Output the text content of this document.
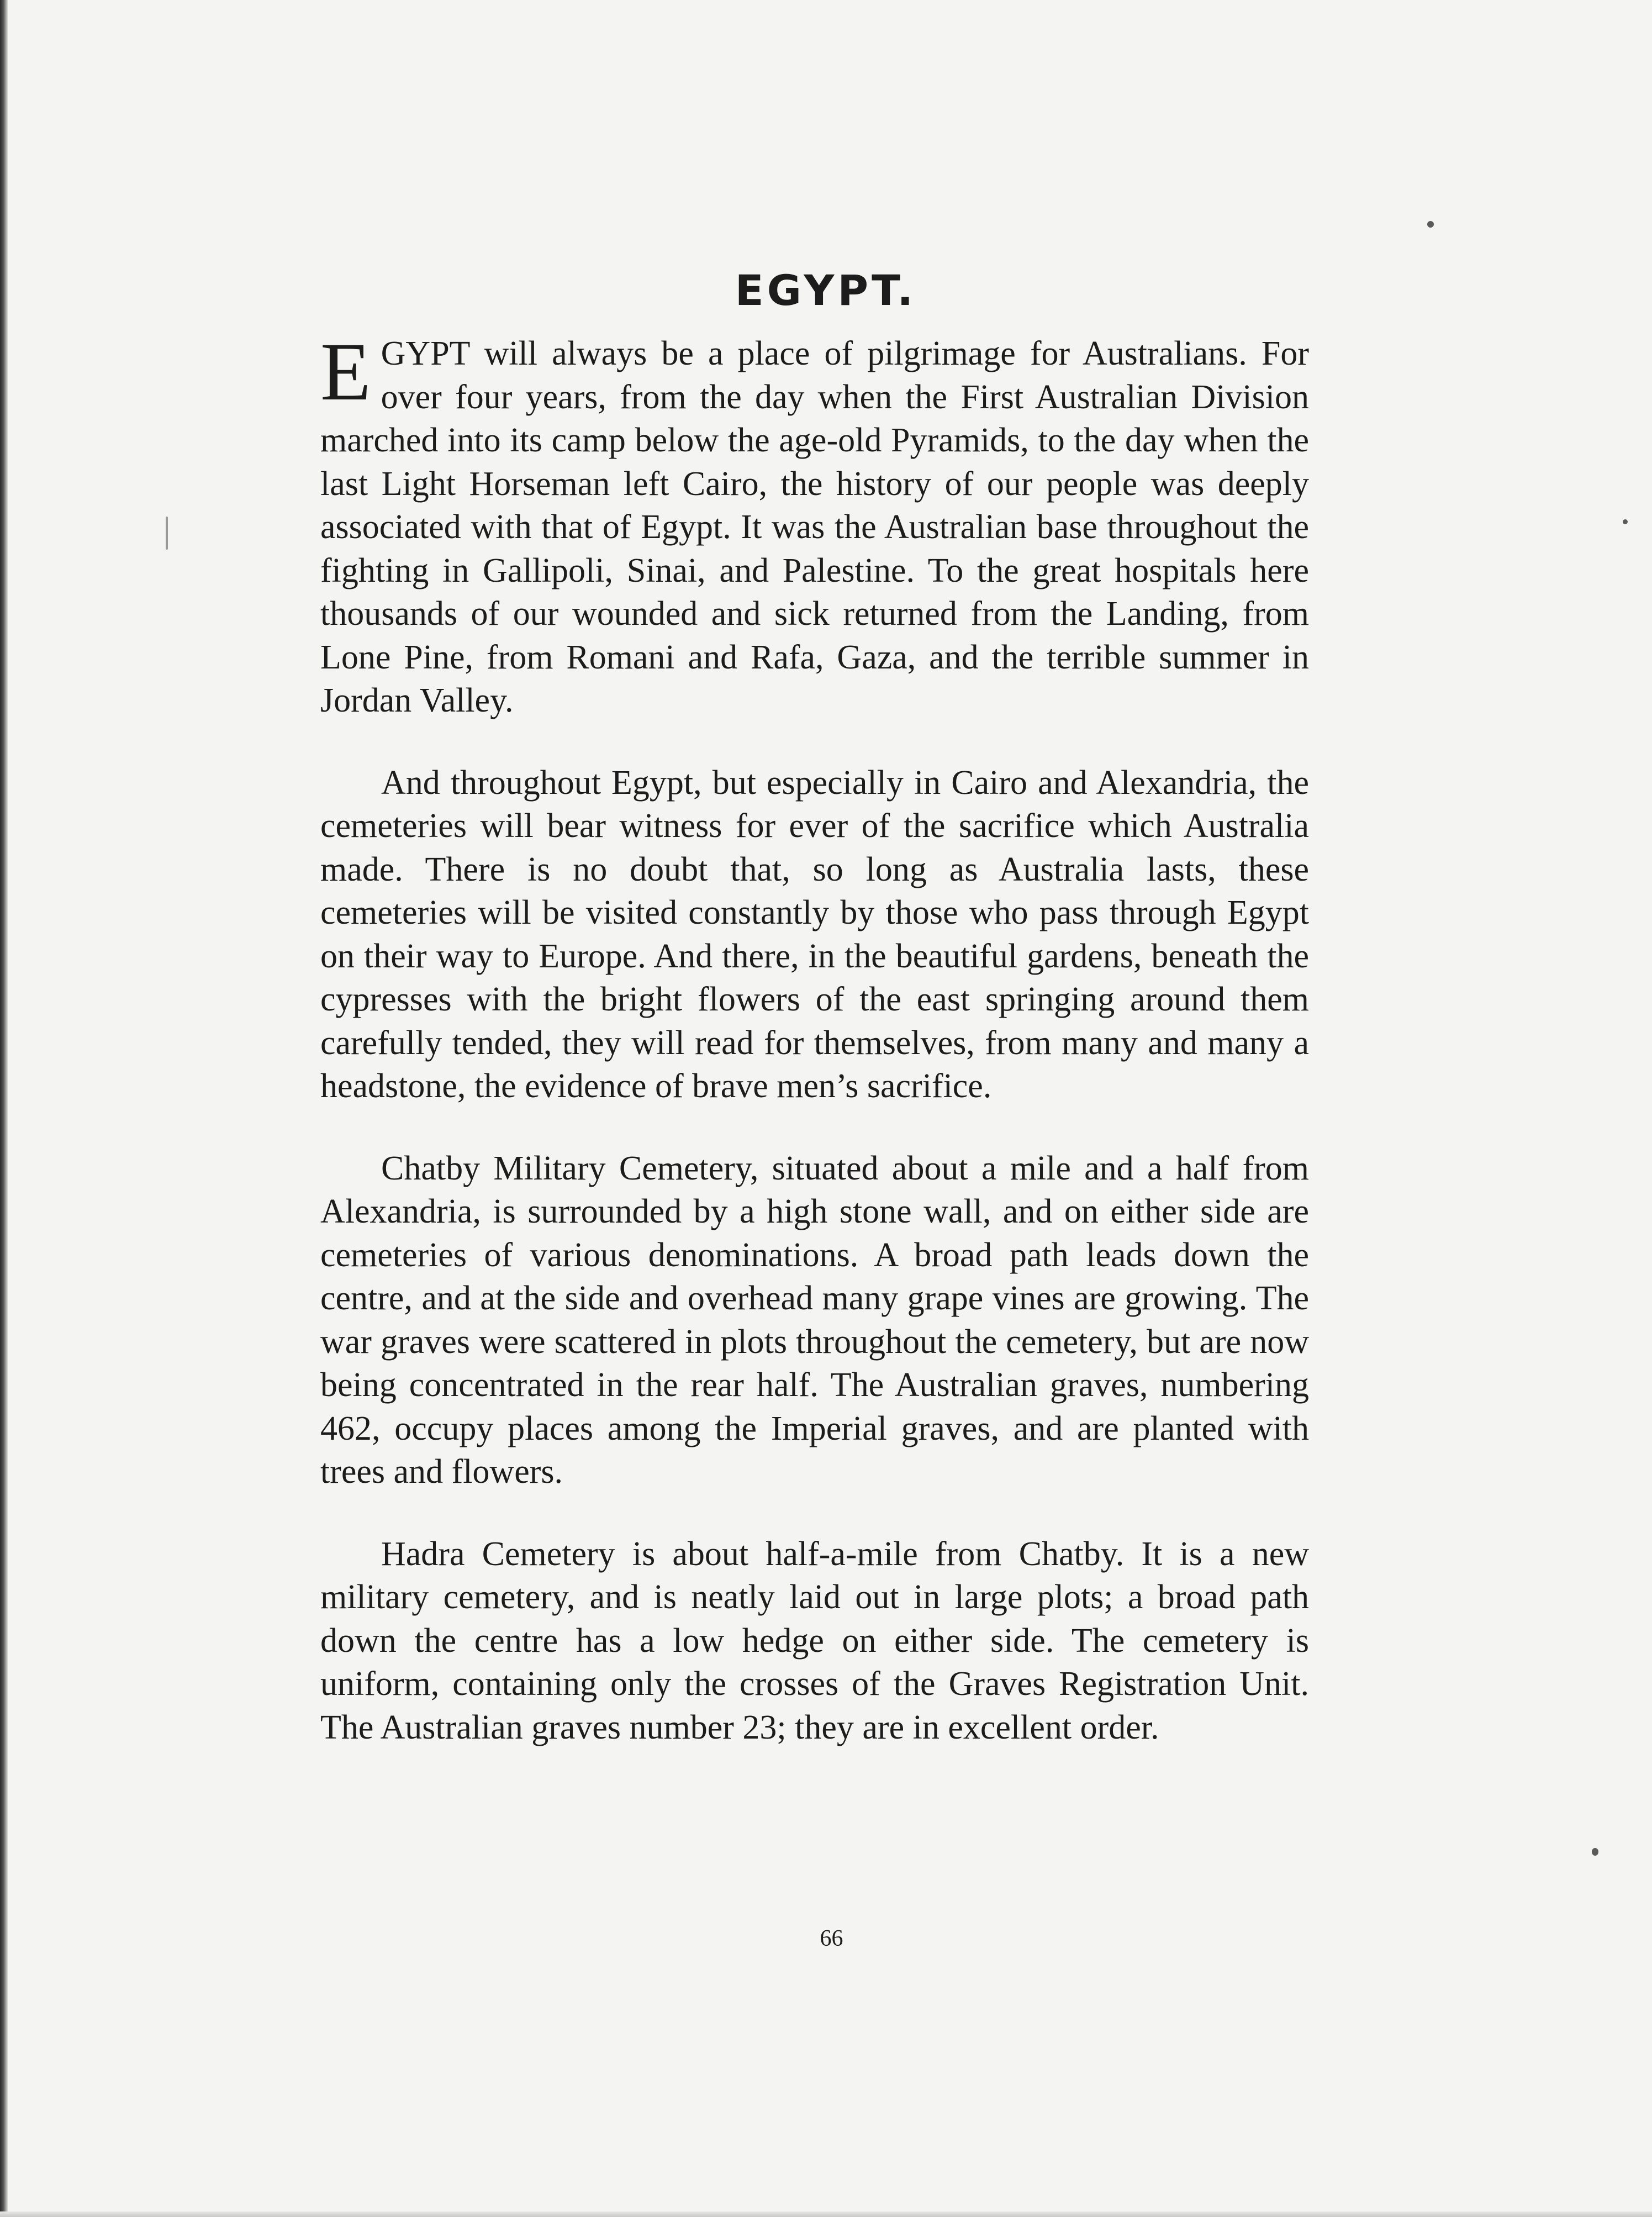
EGYPT.

EGYPT will always be a place of pilgrimage for Australians. For over four years, from the day when the First Australian Division marched into its camp below the age-old Pyramids, to the day when the last Light Horseman left Cairo, the history of our people was deeply associated with that of Egypt. It was the Australian base throughout the fighting in Gallipoli, Sinai, and Palestine. To the great hospitals here thousands of our wounded and sick returned from the Landing, from Lone Pine, from Romani and Rafa, Gaza, and the terrible summer in Jordan Valley.

And throughout Egypt, but especially in Cairo and Alexandria, the cemeteries will bear witness for ever of the sacrifice which Australia made. There is no doubt that, so long as Australia lasts, these cemeteries will be visited constantly by those who pass through Egypt on their way to Europe. And there, in the beautiful gardens, beneath the cypresses with the bright flowers of the east springing around them carefully tended, they will read for themselves, from many and many a headstone, the evidence of brave men’s sacrifice.

Chatby Military Cemetery, situated about a mile and a half from Alexandria, is surrounded by a high stone wall, and on either side are cemeteries of various denominations. A broad path leads down the centre, and at the side and overhead many grape vines are growing. The war graves were scattered in plots throughout the cemetery, but are now being concentrated in the rear half. The Australian graves, numbering 462, occupy places among the Imperial graves, and are planted with trees and flowers.

Hadra Cemetery is about half-a-mile from Chatby. It is a new military cemetery, and is neatly laid out in large plots; a broad path down the centre has a low hedge on either side. The cemetery is uniform, containing only the crosses of the Graves Registration Unit. The Australian graves number 23; they are in excellent order.

66
